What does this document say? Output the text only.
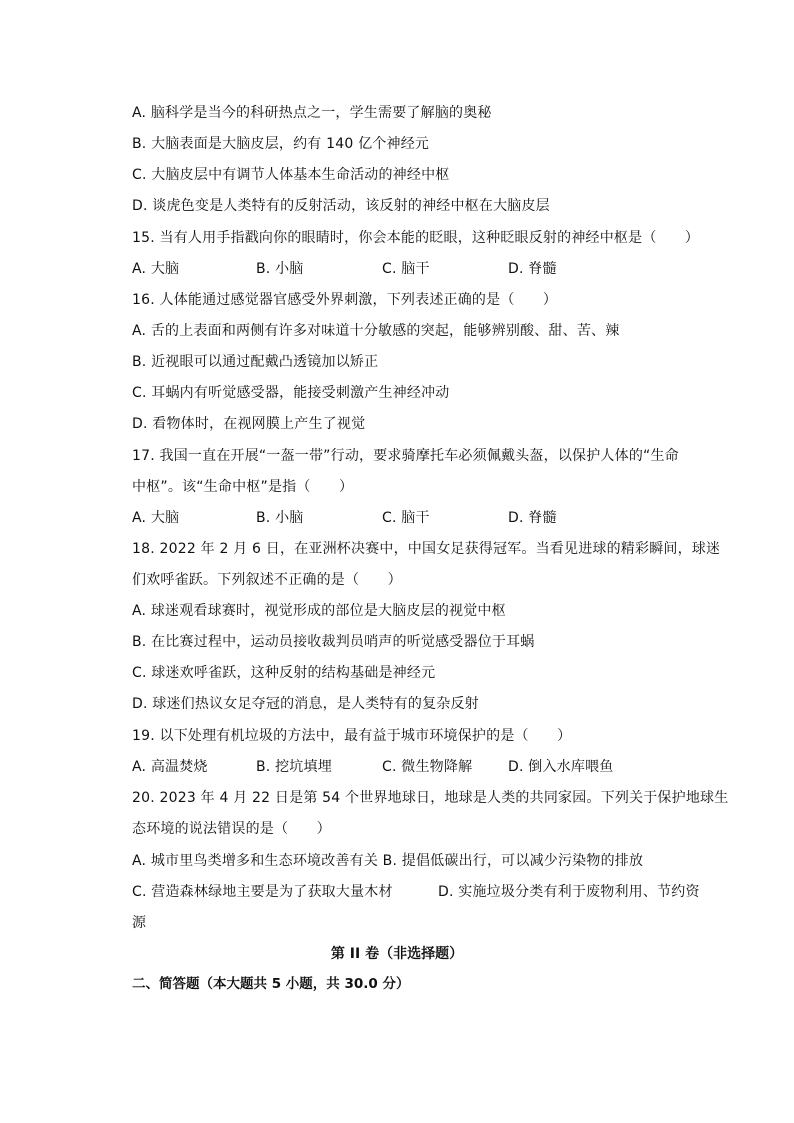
A. 脑科学是当今的科研热点之一，学生需要了解脑的奥秘
B. 大脑表面是大脑皮层，约有 140 亿个神经元
C. 大脑皮层中有调节人体基本生命活动的神经中枢
D. 谈虎色变是人类特有的反射活动，该反射的神经中枢在大脑皮层
15. 当有人用手指戳向你的眼睛时，你会本能的眨眼，这种眨眼反射的神经中枢是（　　）
A. 大脑	B. 小脑	C. 脑干	D. 脊髓
16. 人体能通过感觉器官感受外界刺激，下列表述正确的是（　　）
A. 舌的上表面和两侧有许多对味道十分敏感的突起，能够辨别酸、甜、苦、辣
B. 近视眼可以通过配戴凸透镜加以矫正
C. 耳蜗内有听觉感受器，能接受刺激产生神经冲动
D. 看物体时，在视网膜上产生了视觉
17. 我国一直在开展“一盔一带”行动，要求骑摩托车必须佩戴头盔，以保护人体的“生命
中枢”。该“生命中枢”是指（　　）
A. 大脑	B. 小脑	C. 脑干	D. 脊髓
18. 2022 年 2 月 6 日，在亚洲杯决赛中，中国女足获得冠军。当看见进球的精彩瞬间，球迷
们欢呼雀跃。下列叙述不正确的是（　　）
A. 球迷观看球赛时，视觉形成的部位是大脑皮层的视觉中枢
B. 在比赛过程中，运动员接收裁判员哨声的听觉感受器位于耳蜗
C. 球迷欢呼雀跃，这种反射的结构基础是神经元
D. 球迷们热议女足夺冠的消息，是人类特有的复杂反射
19. 以下处理有机垃圾的方法中，最有益于城市环境保护的是（　　）
A. 高温焚烧	B. 挖坑填埋	C. 微生物降解	D. 倒入水库喂鱼
20. 2023 年 4 月 22 日是第 54 个世界地球日，地球是人类的共同家园。下列关于保护地球生
态环境的说法错误的是（　　）
A. 城市里鸟类增多和生态环境改善有关 B. 提倡低碳出行，可以减少污染物的排放
C. 营造森林绿地主要是为了获取大量木材	D. 实施垃圾分类有利于废物利用、节约资
源
第 II 卷（非选择题）
二、简答题（本大题共 5 小题，共 30.0 分）
